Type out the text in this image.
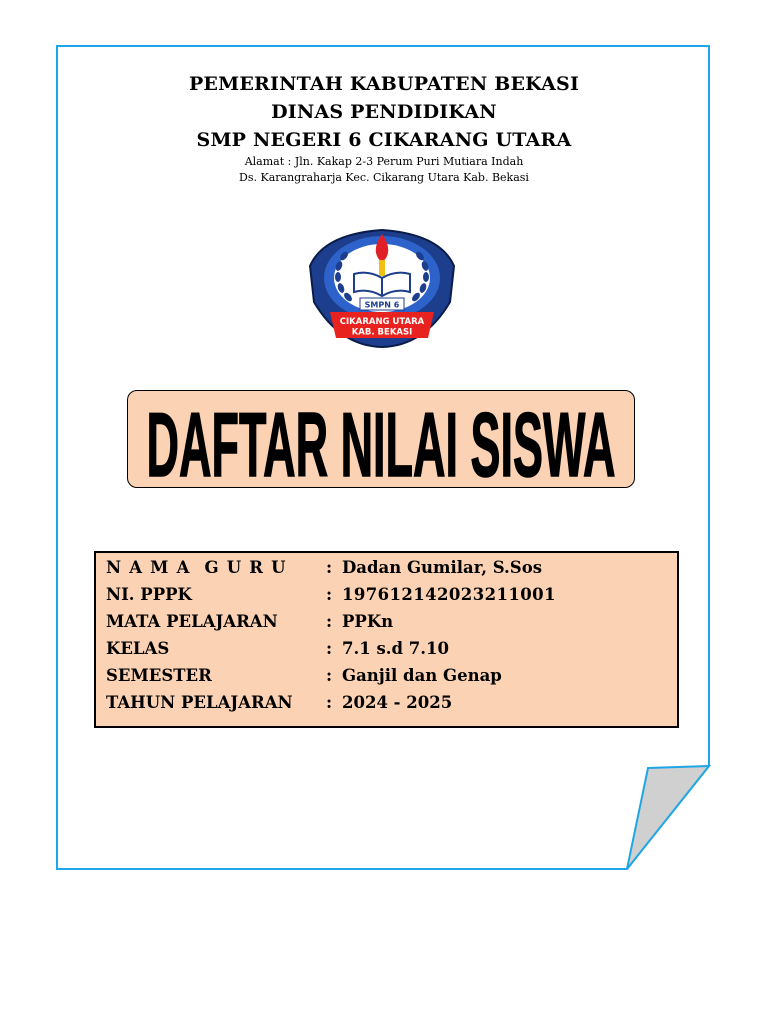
PEMERINTAH KABUPATEN BEKASI
DINAS PENDIDIKAN
SMP NEGERI 6 CIKARANG UTARA
Alamat : Jln. Kakap 2-3 Perum Puri Mutiara Indah
Ds. Karangraharja Kec. Cikarang Utara Kab. Bekasi
SMPN 6
CIKARANG UTARA
KAB. BEKASI
DAFTAR NILAI SISWA
N A M A  G U R U : Dadan Gumilar, S.Sos
NI. PPPK	: 197612142023211001
MATA PELAJARAN	: PPKn
KELAS	: 7.1 s.d 7.10
SEMESTER	: Ganjil dan Genap
TAHUN PELAJARAN : 2024 - 2025
